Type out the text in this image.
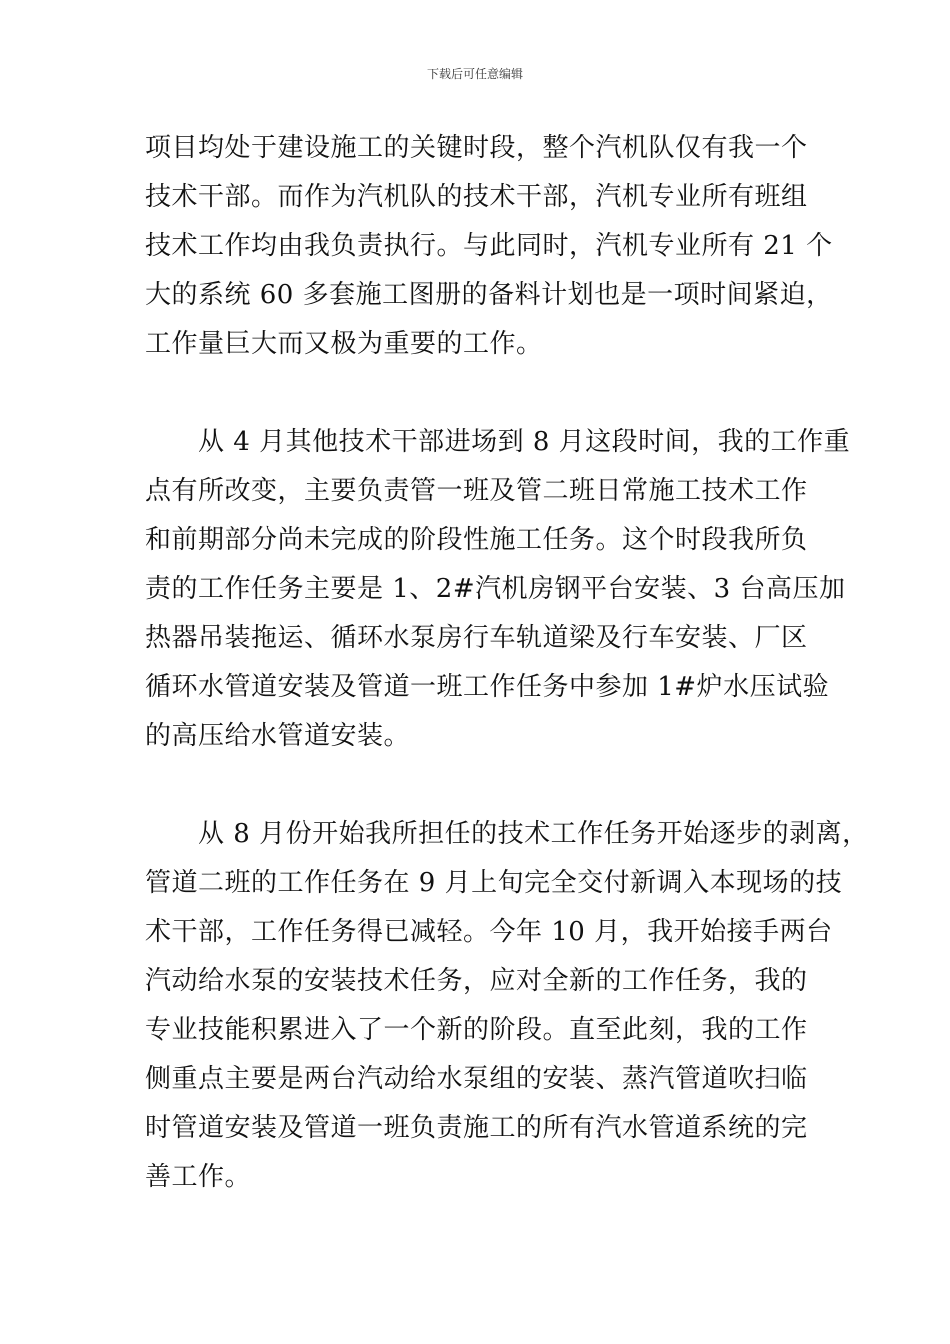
下载后可任意编辑
项目均处于建设施工的关键时段，整个汽机队仅有我一个
技术干部。而作为汽机队的技术干部，汽机专业所有班组
技术工作均由我负责执行。与此同时，汽机专业所有 21 个
大的系统 60 多套施工图册的备料计划也是一项时间紧迫，
工作量巨大而又极为重要的工作。
　　从 4 月其他技术干部进场到 8 月这段时间，我的工作重
点有所改变，主要负责管一班及管二班日常施工技术工作
和前期部分尚未完成的阶段性施工任务。这个时段我所负
责的工作任务主要是 1、2#汽机房钢平台安装、3 台高压加
热器吊装拖运、循环水泵房行车轨道梁及行车安装、厂区
循环水管道安装及管道一班工作任务中参加 1#炉水压试验
的高压给水管道安装。
　　从 8 月份开始我所担任的技术工作任务开始逐步的剥离，
管道二班的工作任务在 9 月上旬完全交付新调入本现场的技
术干部，工作任务得已减轻。今年 10 月，我开始接手两台
汽动给水泵的安装技术任务，应对全新的工作任务，我的
专业技能积累进入了一个新的阶段。直至此刻，我的工作
侧重点主要是两台汽动给水泵组的安装、蒸汽管道吹扫临
时管道安装及管道一班负责施工的所有汽水管道系统的完
善工作。
